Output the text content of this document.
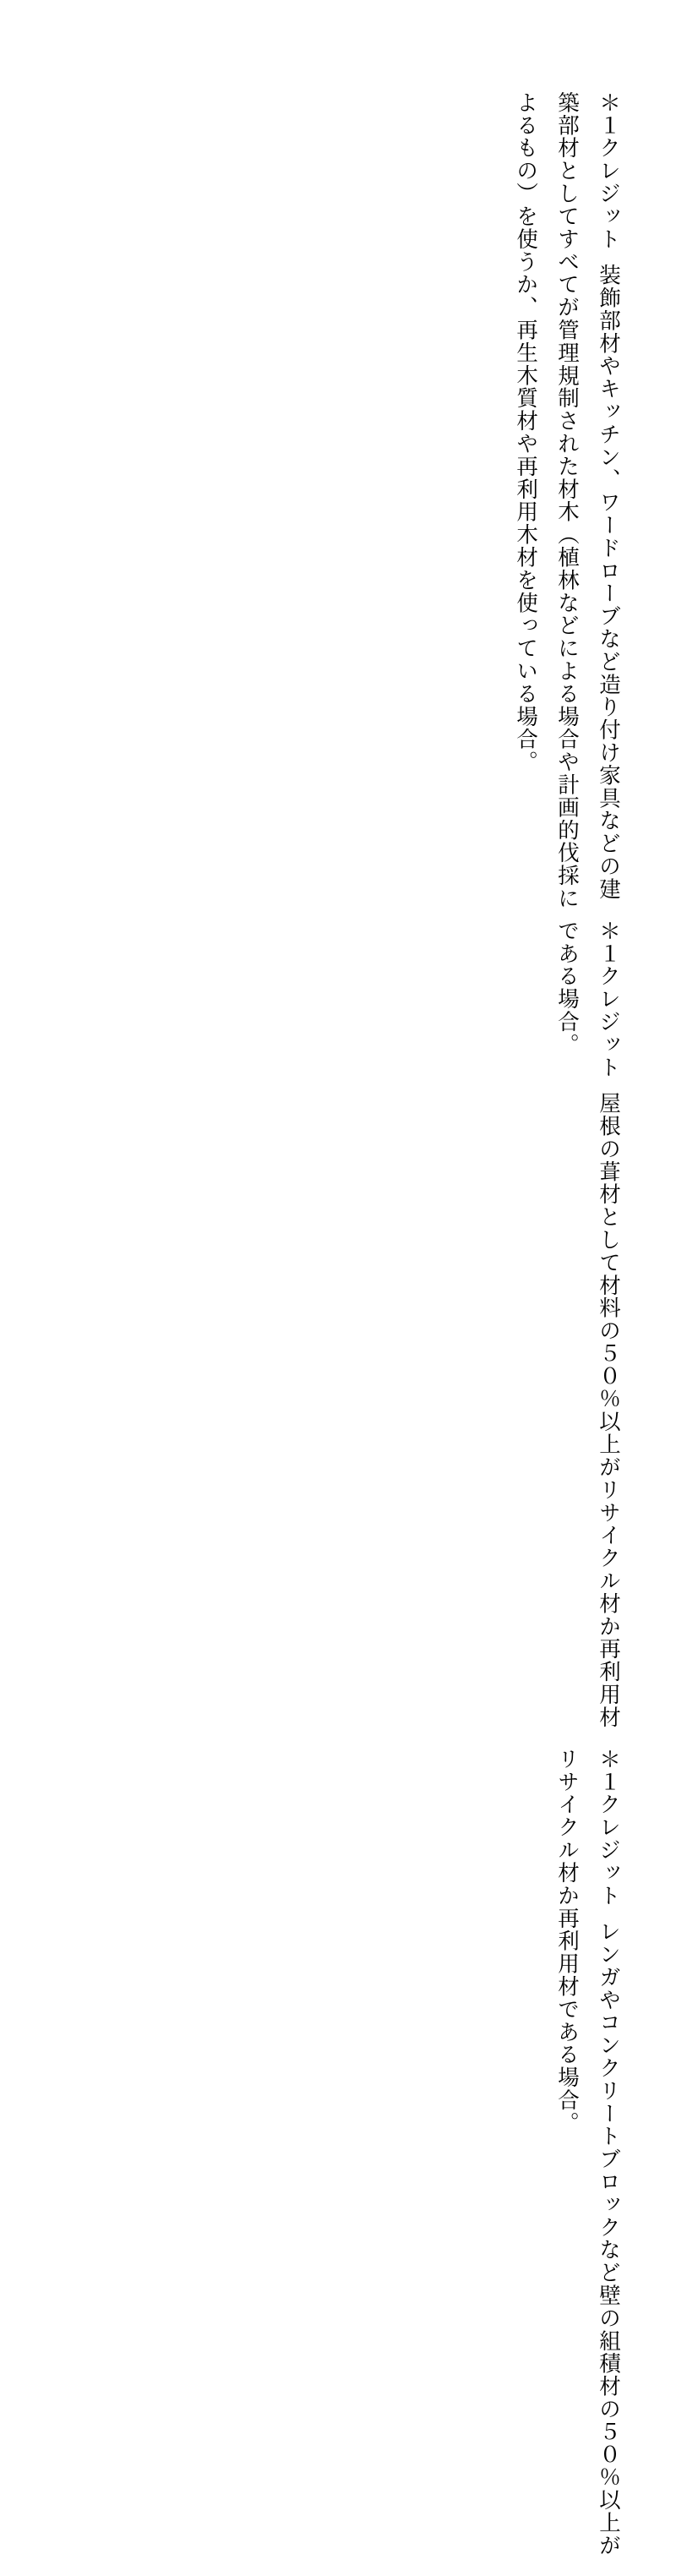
＊１クレジット装飾部材やキッチン、ワードローブなど造り付け家具などの建築部材としてすべてが管理規制された材木（植林などによる場合や計画的伐採によるもの）を使うか、再生木質材や再利用木材を使っている場合。
＊１クレジット屋根の葺材として材料の５０％以上がリサイクル材か再利用材である場合。
＊１クレジットレンガやコンクリートブロックなど壁の組積材の５０％以上がリサイクル材か再利用材である場合。
